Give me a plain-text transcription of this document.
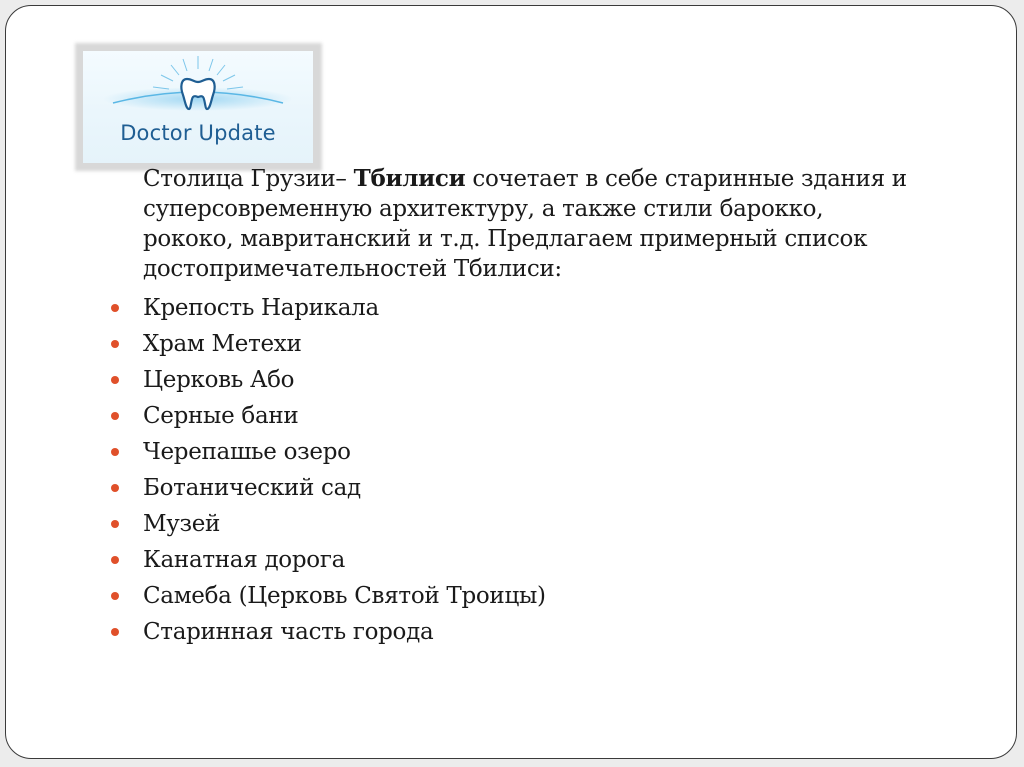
Doctor Update

Столица Грузии– Тбилиси сочетает в себе старинные здания и
суперсовременную архитектуру, а также стили барокко,
рококо, мавританский и т.д. Предлагаем примерный список
достопримечательностей Тбилиси:

Крепость Нарикала
Храм Метехи
Церковь Або
Серные бани
Черепашье озеро
Ботанический сад
Музей
Канатная дорога
Самеба (Церковь Святой Троицы)
Старинная часть города
